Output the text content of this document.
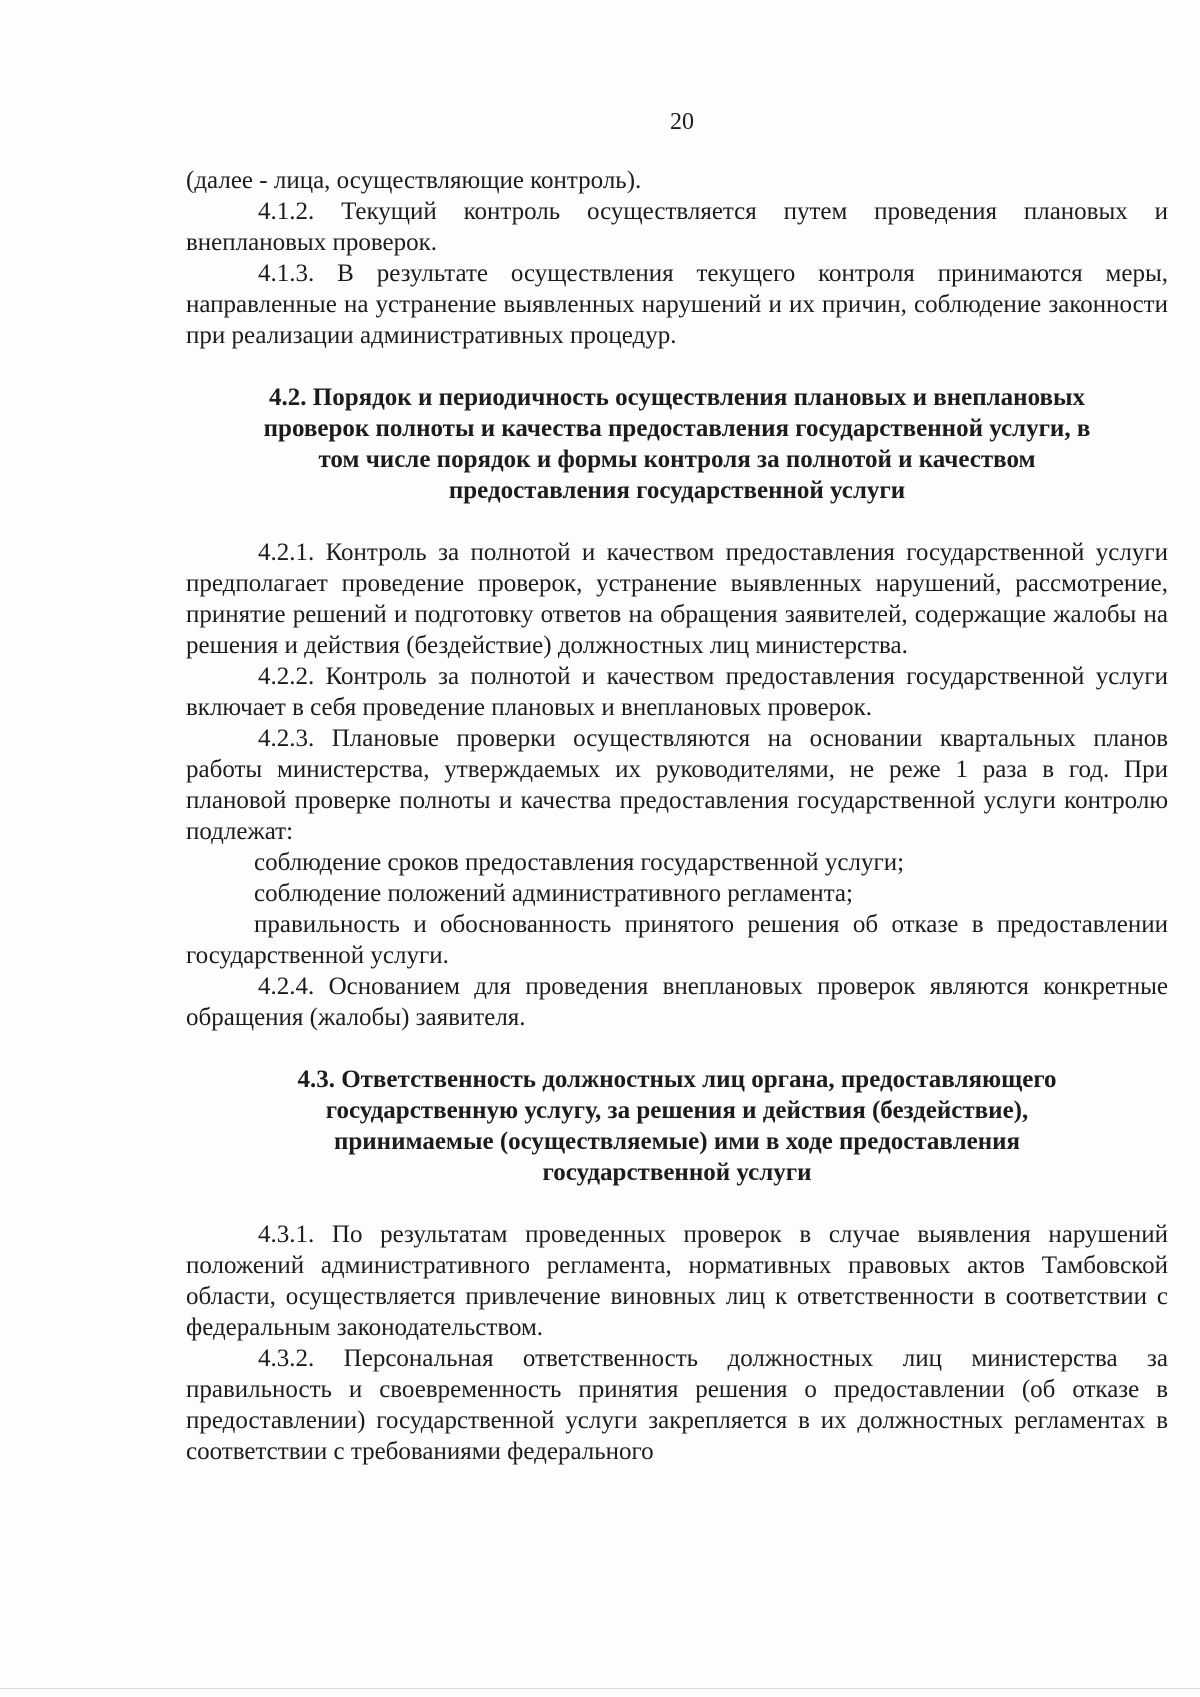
20

(далее - лица, осуществляющие контроль).

4.1.2. Текущий контроль осуществляется путем проведения плановых и внеплановых проверок.

4.1.3. В результате осуществления текущего контроля принимаются меры, направленные на устранение выявленных нарушений и их причин, соблюдение законности при реализации административных процедур.

4.2. Порядок и периодичность осуществления плановых и внеплановых
проверок полноты и качества предоставления государственной услуги, в
том числе порядок и формы контроля за полнотой и качеством
предоставления государственной услуги

4.2.1. Контроль за полнотой и качеством предоставления государственной услуги предполагает проведение проверок, устранение выявленных нарушений, рассмотрение, принятие решений и подготовку ответов на обращения заявителей, содержащие жалобы на решения и действия (бездействие) должностных лиц министерства.

4.2.2. Контроль за полнотой и качеством предоставления государственной услуги включает в себя проведение плановых и внеплановых проверок.

4.2.3. Плановые проверки осуществляются на основании квартальных планов работы министерства, утверждаемых их руководителями, не реже 1 раза в год. При плановой проверке полноты и качества предоставления государственной услуги контролю подлежат:

соблюдение сроков предоставления государственной услуги;

соблюдение положений административного регламента;

правильность и обоснованность принятого решения об отказе в предоставлении государственной услуги.

4.2.4. Основанием для проведения внеплановых проверок являются конкретные обращения (жалобы) заявителя.

4.3. Ответственность должностных лиц органа, предоставляющего
государственную услугу, за решения и действия (бездействие),
принимаемые (осуществляемые) ими в ходе предоставления
государственной услуги

4.3.1. По результатам проведенных проверок в случае выявления нарушений положений административного регламента, нормативных правовых актов Тамбовской области, осуществляется привлечение виновных лиц к ответственности в соответствии с федеральным законодательством.

4.3.2. Персональная ответственность должностных лиц министерства за правильность и своевременность принятия решения о предоставлении (об отказе в предоставлении) государственной услуги закрепляется в их должностных регламентах в соответствии с требованиями федерального
